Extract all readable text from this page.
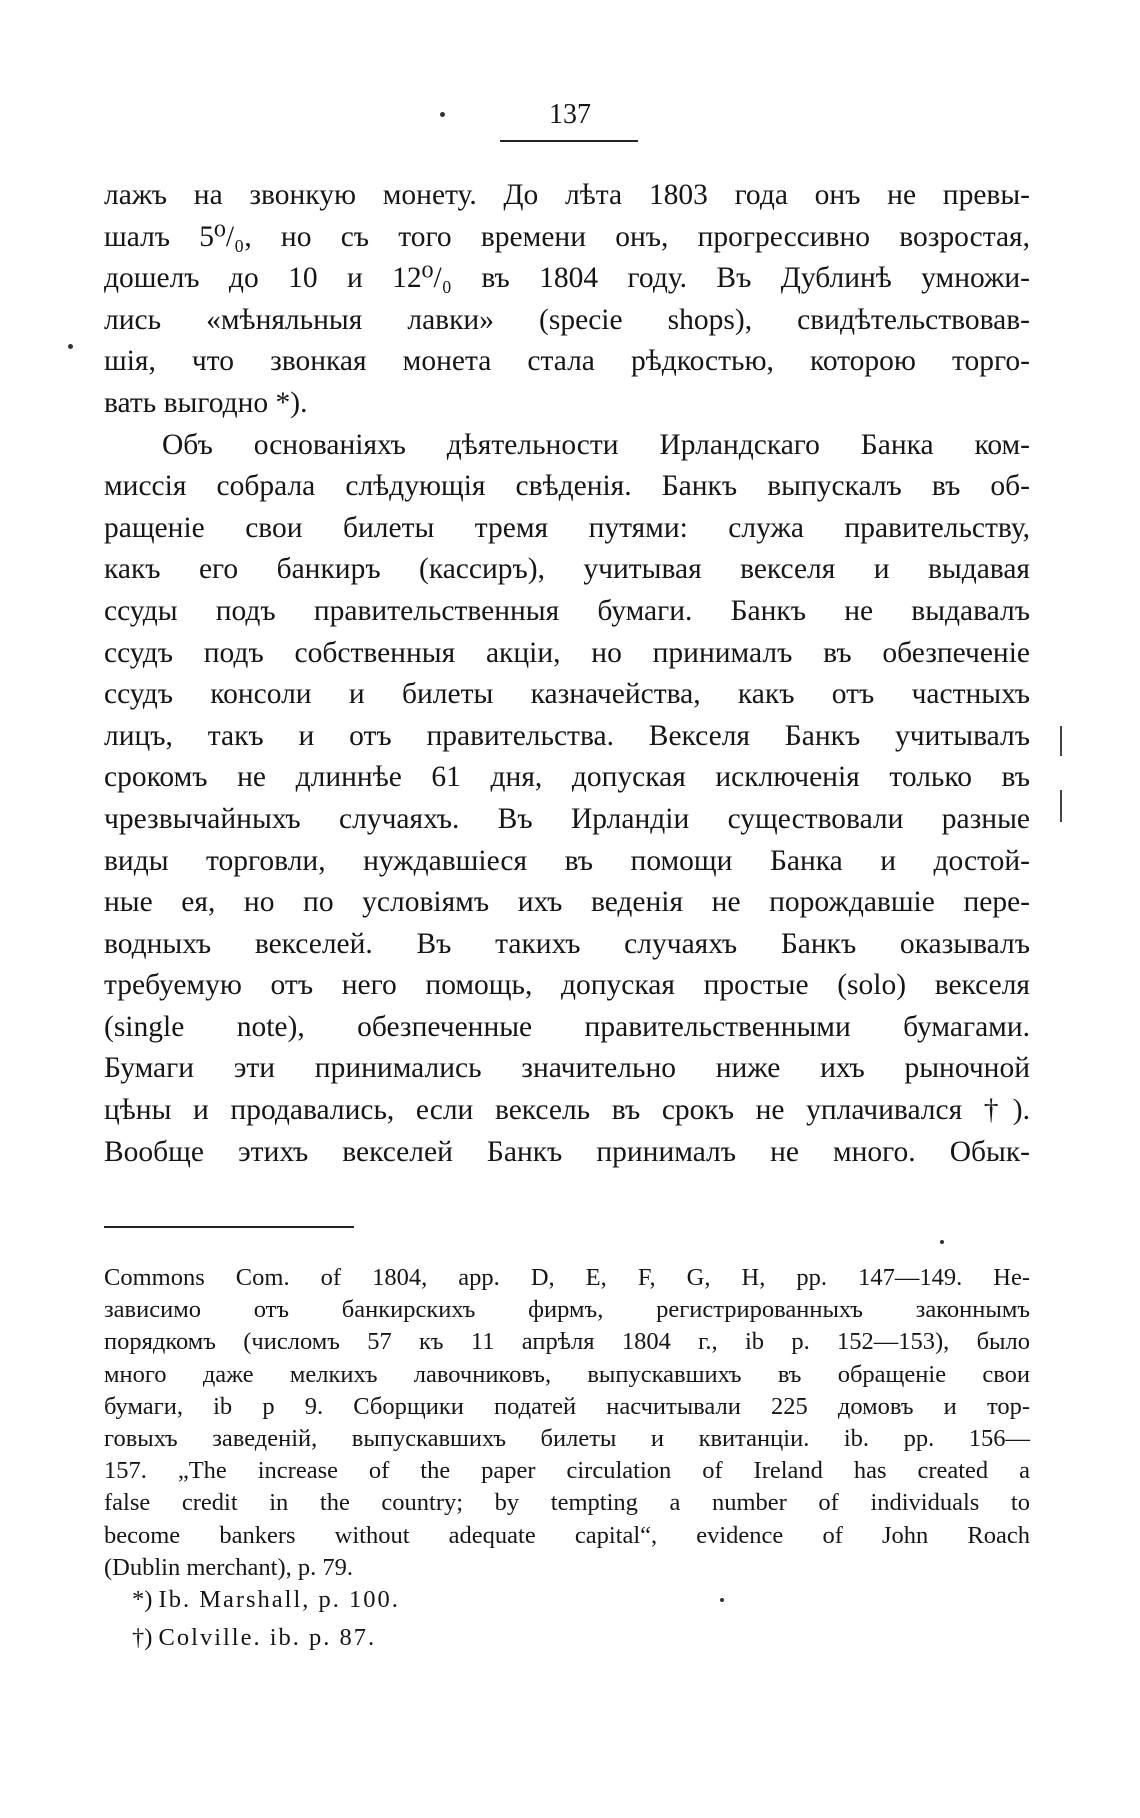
137
лажъ на звонкую монету. До лѣта 1803 года онъ не превы-
шалъ 5⁰/₀, но съ того времени онъ, прогрессивно возростая,
дошелъ до 10 и 12⁰/₀ въ 1804 году. Въ Дублинѣ умножи-
лись «мѣняльныя лавки» (specie shops), свидѣтельствовав-
шія, что звонкая монета стала рѣдкостью, которою торго-
вать выгодно *).
Объ основаніяхъ дѣятельности Ирландскаго Банка ком-
миссія собрала слѣдующія свѣденія. Банкъ выпускалъ въ об-
ращеніе свои билеты тремя путями: служа правительству,
какъ его банкиръ (кассиръ), учитывая векселя и выдавая
ссуды подъ правительственныя бумаги. Банкъ не выдавалъ
ссудъ подъ собственныя акціи, но принималъ въ обезпеченіе
ссудъ консоли и билеты казначейства, какъ отъ частныхъ
лицъ, такъ и отъ правительства. Векселя Банкъ учитывалъ
срокомъ не длиннѣе 61 дня, допуская исключенія только въ
чрезвычайныхъ случаяхъ. Въ Ирландіи существовали разные
виды торговли, нуждавшіеся въ помощи Банка и достой-
ные ея, но по условіямъ ихъ веденія не порождавшіе пере-
водныхъ векселей. Въ такихъ случаяхъ Банкъ оказывалъ
требуемую отъ него помощь, допуская простые (solo) векселя
(single note), обезпеченные правительственными бумагами.
Бумаги эти принимались значительно ниже ихъ рыночной
цѣны и продавались, если вексель въ срокъ не уплачивался †).
Вообще этихъ векселей Банкъ принималъ не много. Обык-
Commons Com. of 1804, app. D, E, F, G, H, pp. 147—149. Не-
зависимо отъ банкирскихъ фирмъ, регистрированныхъ законнымъ
порядкомъ (числомъ 57 къ 11 апрѣля 1804 г., ib p. 152—153), было
много даже мелкихъ лавочниковъ, выпускавшихъ въ обращеніе свои
бумаги, ib p 9. Сборщики податей насчитывали 225 домовъ и тор-
говыхъ заведеній, выпускавшихъ билеты и квитанціи. ib. pp. 156—
157. „The increase of the paper circulation of Ireland has created a
false credit in the country; by tempting a number of individuals to
become bankers without adequate capital“, evidence of John Roach
(Dublin merchant), p. 79.
*) Ib. Marshall, p. 100.
†) Colville. ib. p. 87.
